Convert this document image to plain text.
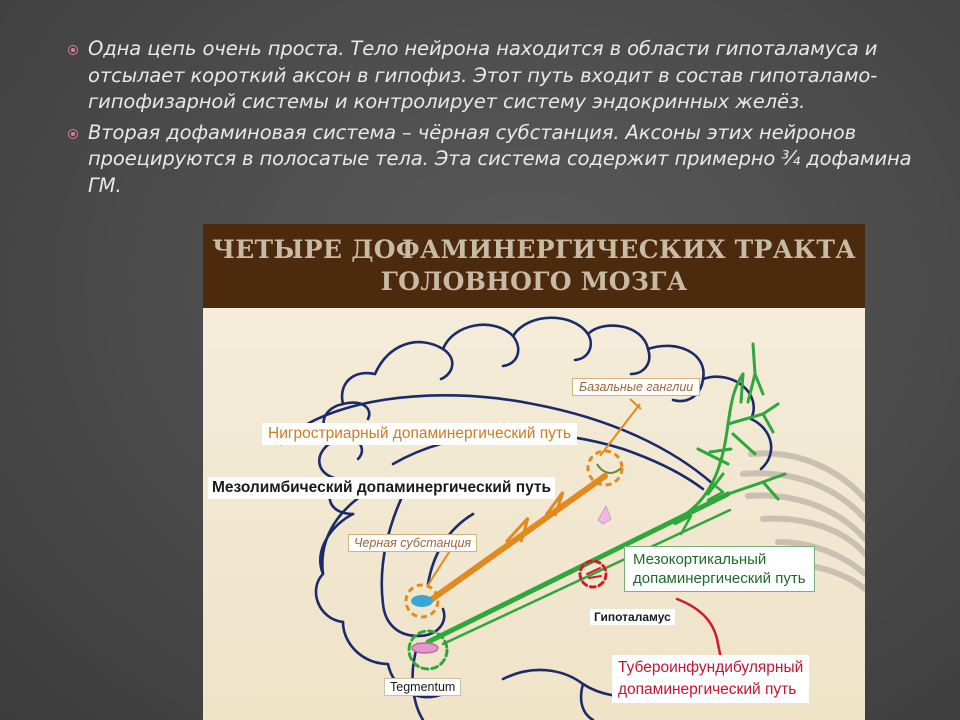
Одна цепь очень проста. Тело нейрона находится в области гипоталамуса и отсылает короткий аксон в гипофиз. Этот путь входит в состав гипоталамо-гипофизарной системы и контролирует систему эндокринных желёз.
Вторая дофаминовая система – чёрная субстанция. Аксоны этих нейронов проецируются в полосатые тела. Эта система содержит примерно ¾ дофамина ГМ.
ЧЕТЫРЕ ДОФАМИНЕРГИЧЕСКИХ ТРАКТА
ГОЛОВНОГО МОЗГА
Нигростриарный допаминергический путь
Мезолимбический допаминергический путь
Базальные ганглии
Черная субстанция
Мезокортикальный
допаминергический путь
Гипоталамус
Tegmentum
Тубероинфундибулярный
допаминергический путь
